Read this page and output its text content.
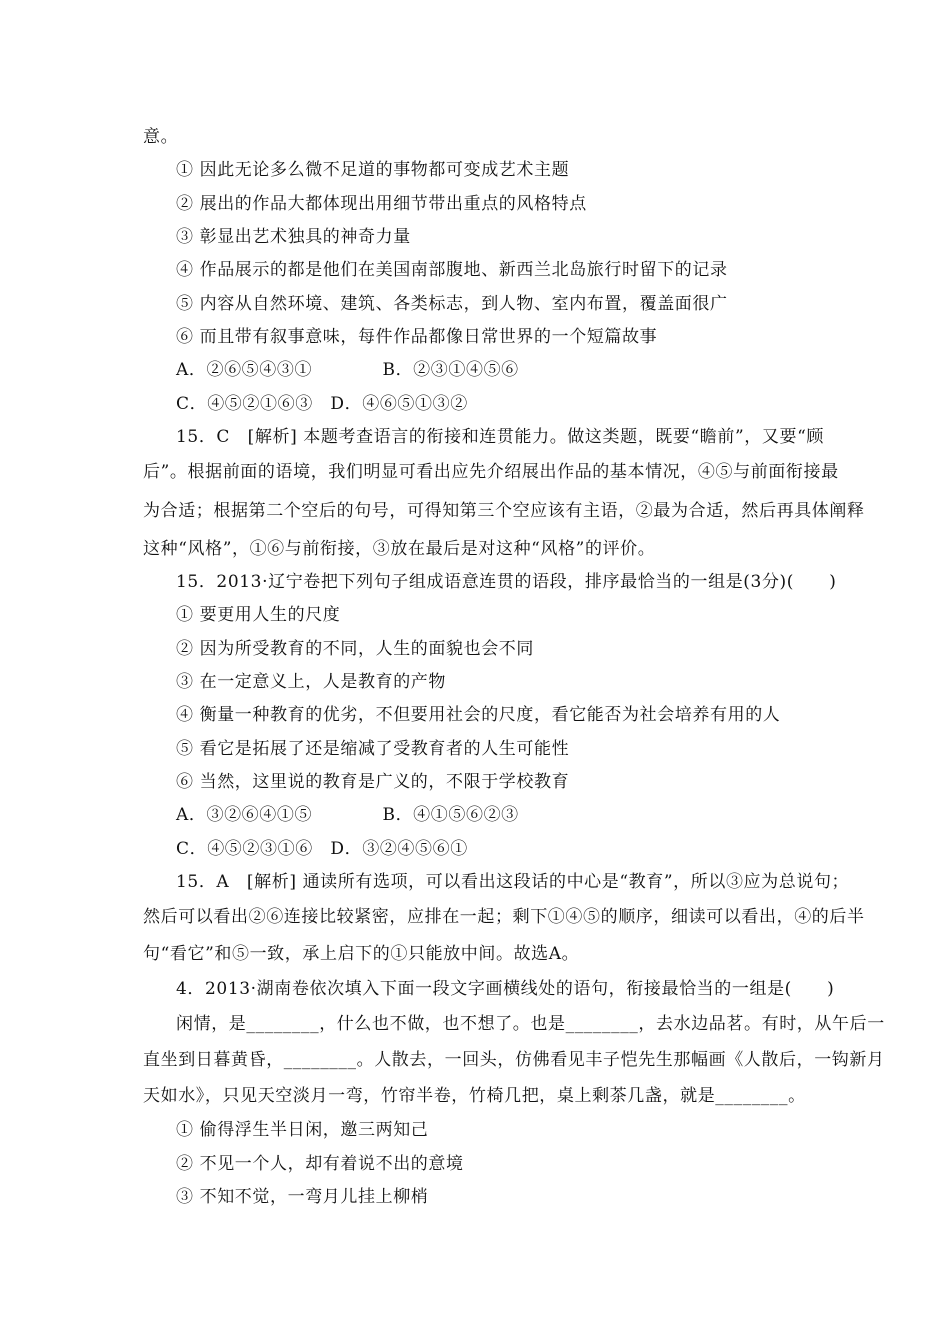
意。
① 因此无论多么微不足道的事物都可变成艺术主题
② 展出的作品大都体现出用细节带出重点的风格特点
③ 彰显出艺术独具的神奇力量
④ 作品展示的都是他们在美国南部腹地、新西兰北岛旅行时留下的记录
⑤ 内容从自然环境、建筑、各类标志，到人物、室内布置，覆盖面很广
⑥ 而且带有叙事意味，每件作品都像日常世界的一个短篇故事
A．②⑥⑤④③①　　　　B．②③①④⑤⑥
C．④⑤②①⑥③　D．④⑥⑤①③②
15．C　[解析] 本题考查语言的衔接和连贯能力。做这类题，既要“瞻前”，又要“顾
后”。根据前面的语境，我们明显可看出应先介绍展出作品的基本情况，④⑤与前面衔接最
为合适；根据第二个空后的句号，可得知第三个空应该有主语，②最为合适，然后再具体阐释
这种“风格”，①⑥与前衔接，③放在最后是对这种“风格”的评价。
15．2013·辽宁卷把下列句子组成语意连贯的语段，排序最恰当的一组是(3分)(　　)
① 要更用人生的尺度
② 因为所受教育的不同，人生的面貌也会不同
③ 在一定意义上，人是教育的产物
④ 衡量一种教育的优劣，不但要用社会的尺度，看它能否为社会培养有用的人
⑤ 看它是拓展了还是缩减了受教育者的人生可能性
⑥ 当然，这里说的教育是广义的，不限于学校教育
A．③②⑥④①⑤　　　　B．④①⑤⑥②③
C．④⑤②③①⑥　D．③②④⑤⑥①
15．A　[解析] 通读所有选项，可以看出这段话的中心是“教育”，所以③应为总说句；
然后可以看出②⑥连接比较紧密，应排在一起；剩下①④⑤的顺序，细读可以看出，④的后半
句“看它”和⑤一致，承上启下的①只能放中间。故选A。
4．2013·湖南卷依次填入下面一段文字画横线处的语句，衔接最恰当的一组是(　　)
闲情，是________，什么也不做，也不想了。也是________，去水边品茗。有时，从午后一
直坐到日暮黄昏，________。人散去，一回头，仿佛看见丰子恺先生那幅画《人散后，一钩新月
天如水》，只见天空淡月一弯，竹帘半卷，竹椅几把，桌上剩茶几盏，就是________。
① 偷得浮生半日闲，邀三两知己
② 不见一个人，却有着说不出的意境
③ 不知不觉，一弯月儿挂上柳梢
